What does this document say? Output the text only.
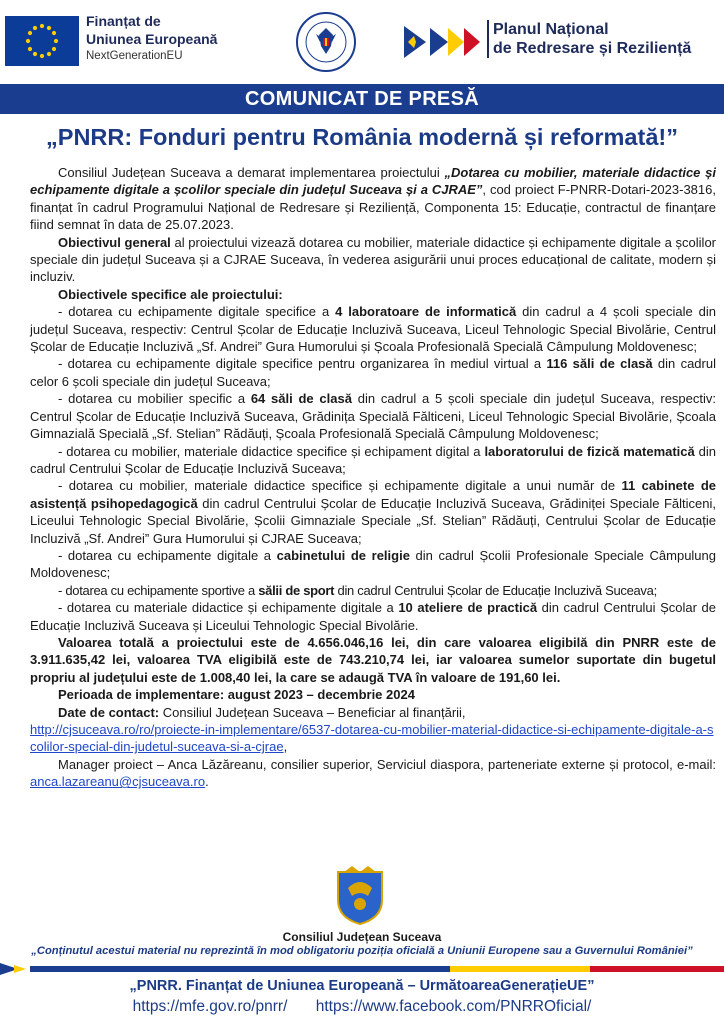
Finanțat de
Uniunea Europeană
NextGenerationEU
Planul Național
de Redresare și Reziliență
COMUNICAT DE PRESĂ
„PNRR: Fonduri pentru România modernă și reformată!”

Consiliul Județean Suceava a demarat implementarea proiectului „Dotarea cu mobilier, materiale didactice și echipamente digitale a școlilor speciale din județul Suceava și a CJRAE”, cod proiect F-PNRR-Dotari-2023-3816, finanțat în cadrul Programului Național de Redresare și Reziliență, Componenta 15: Educație, contractul de finanțare fiind semnat în data de 25.07.2023.

Obiectivul general al proiectului vizează dotarea cu mobilier, materiale didactice și echipamente digitale a școlilor speciale din județul Suceava și a CJRAE Suceava, în vederea asigurării unui proces educațional de calitate, modern și incluziv.

Obiectivele specifice ale proiectului:

- dotarea cu echipamente digitale specifice a 4 laboratoare de informatică din cadrul a 4 școli speciale din județul Suceava, respectiv: Centrul Școlar de Educație Incluzivă Suceava, Liceul Tehnologic Special Bivolărie, Centrul Școlar de Educație Incluzivă „Sf. Andrei” Gura Humorului și Școala Profesională Specială Câmpulung Moldovenesc;

- dotarea cu echipamente digitale specifice pentru organizarea în mediul virtual a 116 săli de clasă din cadrul celor 6 școli speciale din județul Suceava;

- dotarea cu mobilier specific a 64 săli de clasă din cadrul a 5 școli speciale din județul Suceava, respectiv: Centrul Școlar de Educație Incluzivă Suceava, Grădinița Specială Fălticeni, Liceul Tehnologic Special Bivolărie, Școala Gimnazială Specială „Sf. Stelian” Rădăuți, Școala Profesională Specială Câmpulung Moldovenesc;

- dotarea cu mobilier, materiale didactice specifice și echipament digital a laboratorului de fizică matematică din cadrul Centrului Școlar de Educație Incluzivă Suceava;

- dotarea cu mobilier, materiale didactice specifice și echipamente digitale a unui număr de 11 cabinete de asistență psihopedagogică din cadrul Centrului Școlar de Educație Incluzivă Suceava, Grădiniței Speciale Fălticeni, Liceului Tehnologic Special Bivolărie, Școlii Gimnaziale Speciale „Sf. Stelian” Rădăuți, Centrului Școlar de Educație Incluzivă „Sf. Andrei” Gura Humorului și CJRAE Suceava;

- dotarea cu echipamente digitale a cabinetului de religie din cadrul Școlii Profesionale Speciale Câmpulung Moldovenesc;

- dotarea cu echipamente sportive a sălii de sport din cadrul Centrului Școlar de Educație Incluzivă Suceava;

- dotarea cu materiale didactice și echipamente digitale a 10 ateliere de practică din cadrul Centrului Școlar de Educație Incluzivă Suceava și Liceului Tehnologic Special Bivolărie.

Valoarea totală a proiectului este de 4.656.046,16 lei, din care valoarea eligibilă din PNRR este de 3.911.635,42 lei, valoarea TVA eligibilă este de 743.210,74 lei, iar valoarea sumelor suportate din bugetul propriu al județului este de 1.008,40 lei, la care se adaugă TVA în valoare de 191,60 lei.

Perioada de implementare: august 2023 – decembrie 2024

Date de contact: Consiliul Județean Suceava – Beneficiar al finanțării,

http://cjsuceava.ro/ro/proiecte-in-implementare/6537-dotarea-cu-mobilier-material-didactice-si-echipamente-digitale-a-scolilor-special-din-judetul-suceava-si-a-cjrae,

Manager proiect – Anca Lăzăreanu, consilier superior, Serviciul diaspora, parteneriate externe și protocol, e-mail: anca.lazareanu@cjsuceava.ro.

Consiliul Județean Suceava
„Conținutul acestui material nu reprezintă în mod obligatoriu poziția oficială a Uniunii Europene sau a Guvernului României”
„PNRR. Finanțat de Uniunea Europeană – UrmătoareaGenerațieUE”
https://mfe.gov.ro/pnrr/ https://www.facebook.com/PNRROficial/
